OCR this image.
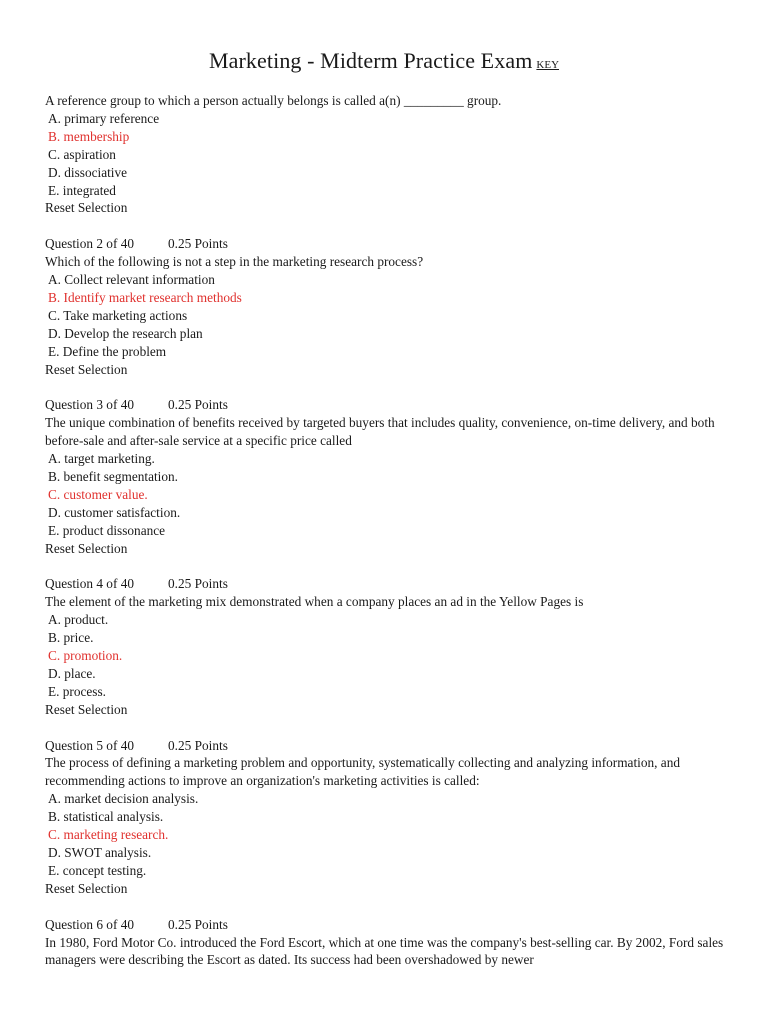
Marketing - Midterm Practice Exam KEY
A reference group to which a person actually belongs is called a(n) _________ group.
A. primary reference
B. membership
C. aspiration
D. dissociative
E. integrated
Reset Selection
Question 2 of 40	0.25 Points
Which of the following is not a step in the marketing research process?
A. Collect relevant information
B. Identify market research methods
C. Take marketing actions
D. Develop the research plan
E. Define the problem
Reset Selection
Question 3 of 40	0.25 Points
The unique combination of benefits received by targeted buyers that includes quality, convenience, on-time delivery, and both before-sale and after-sale service at a specific price called
A. target marketing.
B. benefit segmentation.
C. customer value.
D. customer satisfaction.
E. product dissonance
Reset Selection
Question 4 of 40	0.25 Points
The element of the marketing mix demonstrated when a company places an ad in the Yellow Pages is
A. product.
B. price.
C. promotion.
D. place.
E. process.
Reset Selection
Question 5 of 40	0.25 Points
The process of defining a marketing problem and opportunity, systematically collecting and analyzing information, and recommending actions to improve an organization's marketing activities is called:
A. market decision analysis.
B. statistical analysis.
C. marketing research.
D. SWOT analysis.
E. concept testing.
Reset Selection
Question 6 of 40	0.25 Points
In 1980, Ford Motor Co. introduced the Ford Escort, which at one time was the company's best-selling car. By 2002, Ford sales managers were describing the Escort as dated. Its success had been overshadowed by newer
